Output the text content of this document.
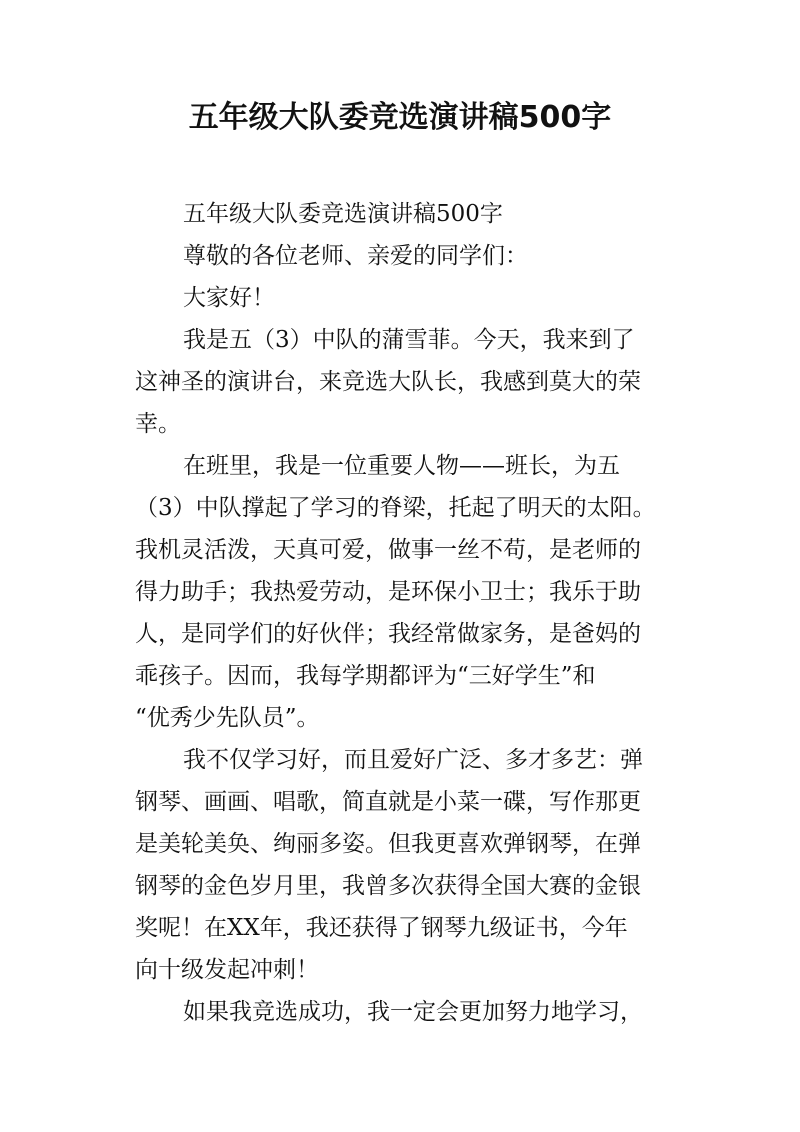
五年级大队委竞选演讲稿500字
五年级大队委竞选演讲稿500字
尊敬的各位老师、亲爱的同学们：
大家好！
我是五（3）中队的蒲雪菲。今天，我来到了
这神圣的演讲台，来竞选大队长，我感到莫大的荣
幸。
在班里，我是一位重要人物——班长，为五
（3）中队撑起了学习的脊梁，托起了明天的太阳。
我机灵活泼，天真可爱，做事一丝不苟，是老师的
得力助手；我热爱劳动，是环保小卫士；我乐于助
人，是同学们的好伙伴；我经常做家务，是爸妈的
乖孩子。因而，我每学期都评为“三好学生”和
“优秀少先队员”。
我不仅学习好，而且爱好广泛、多才多艺：弹
钢琴、画画、唱歌，简直就是小菜一碟，写作那更
是美轮美奂、绚丽多姿。但我更喜欢弹钢琴，在弹
钢琴的金色岁月里，我曾多次获得全国大赛的金银
奖呢！在XX年，我还获得了钢琴九级证书，今年
向十级发起冲刺！
如果我竞选成功，我一定会更加努力地学习，
